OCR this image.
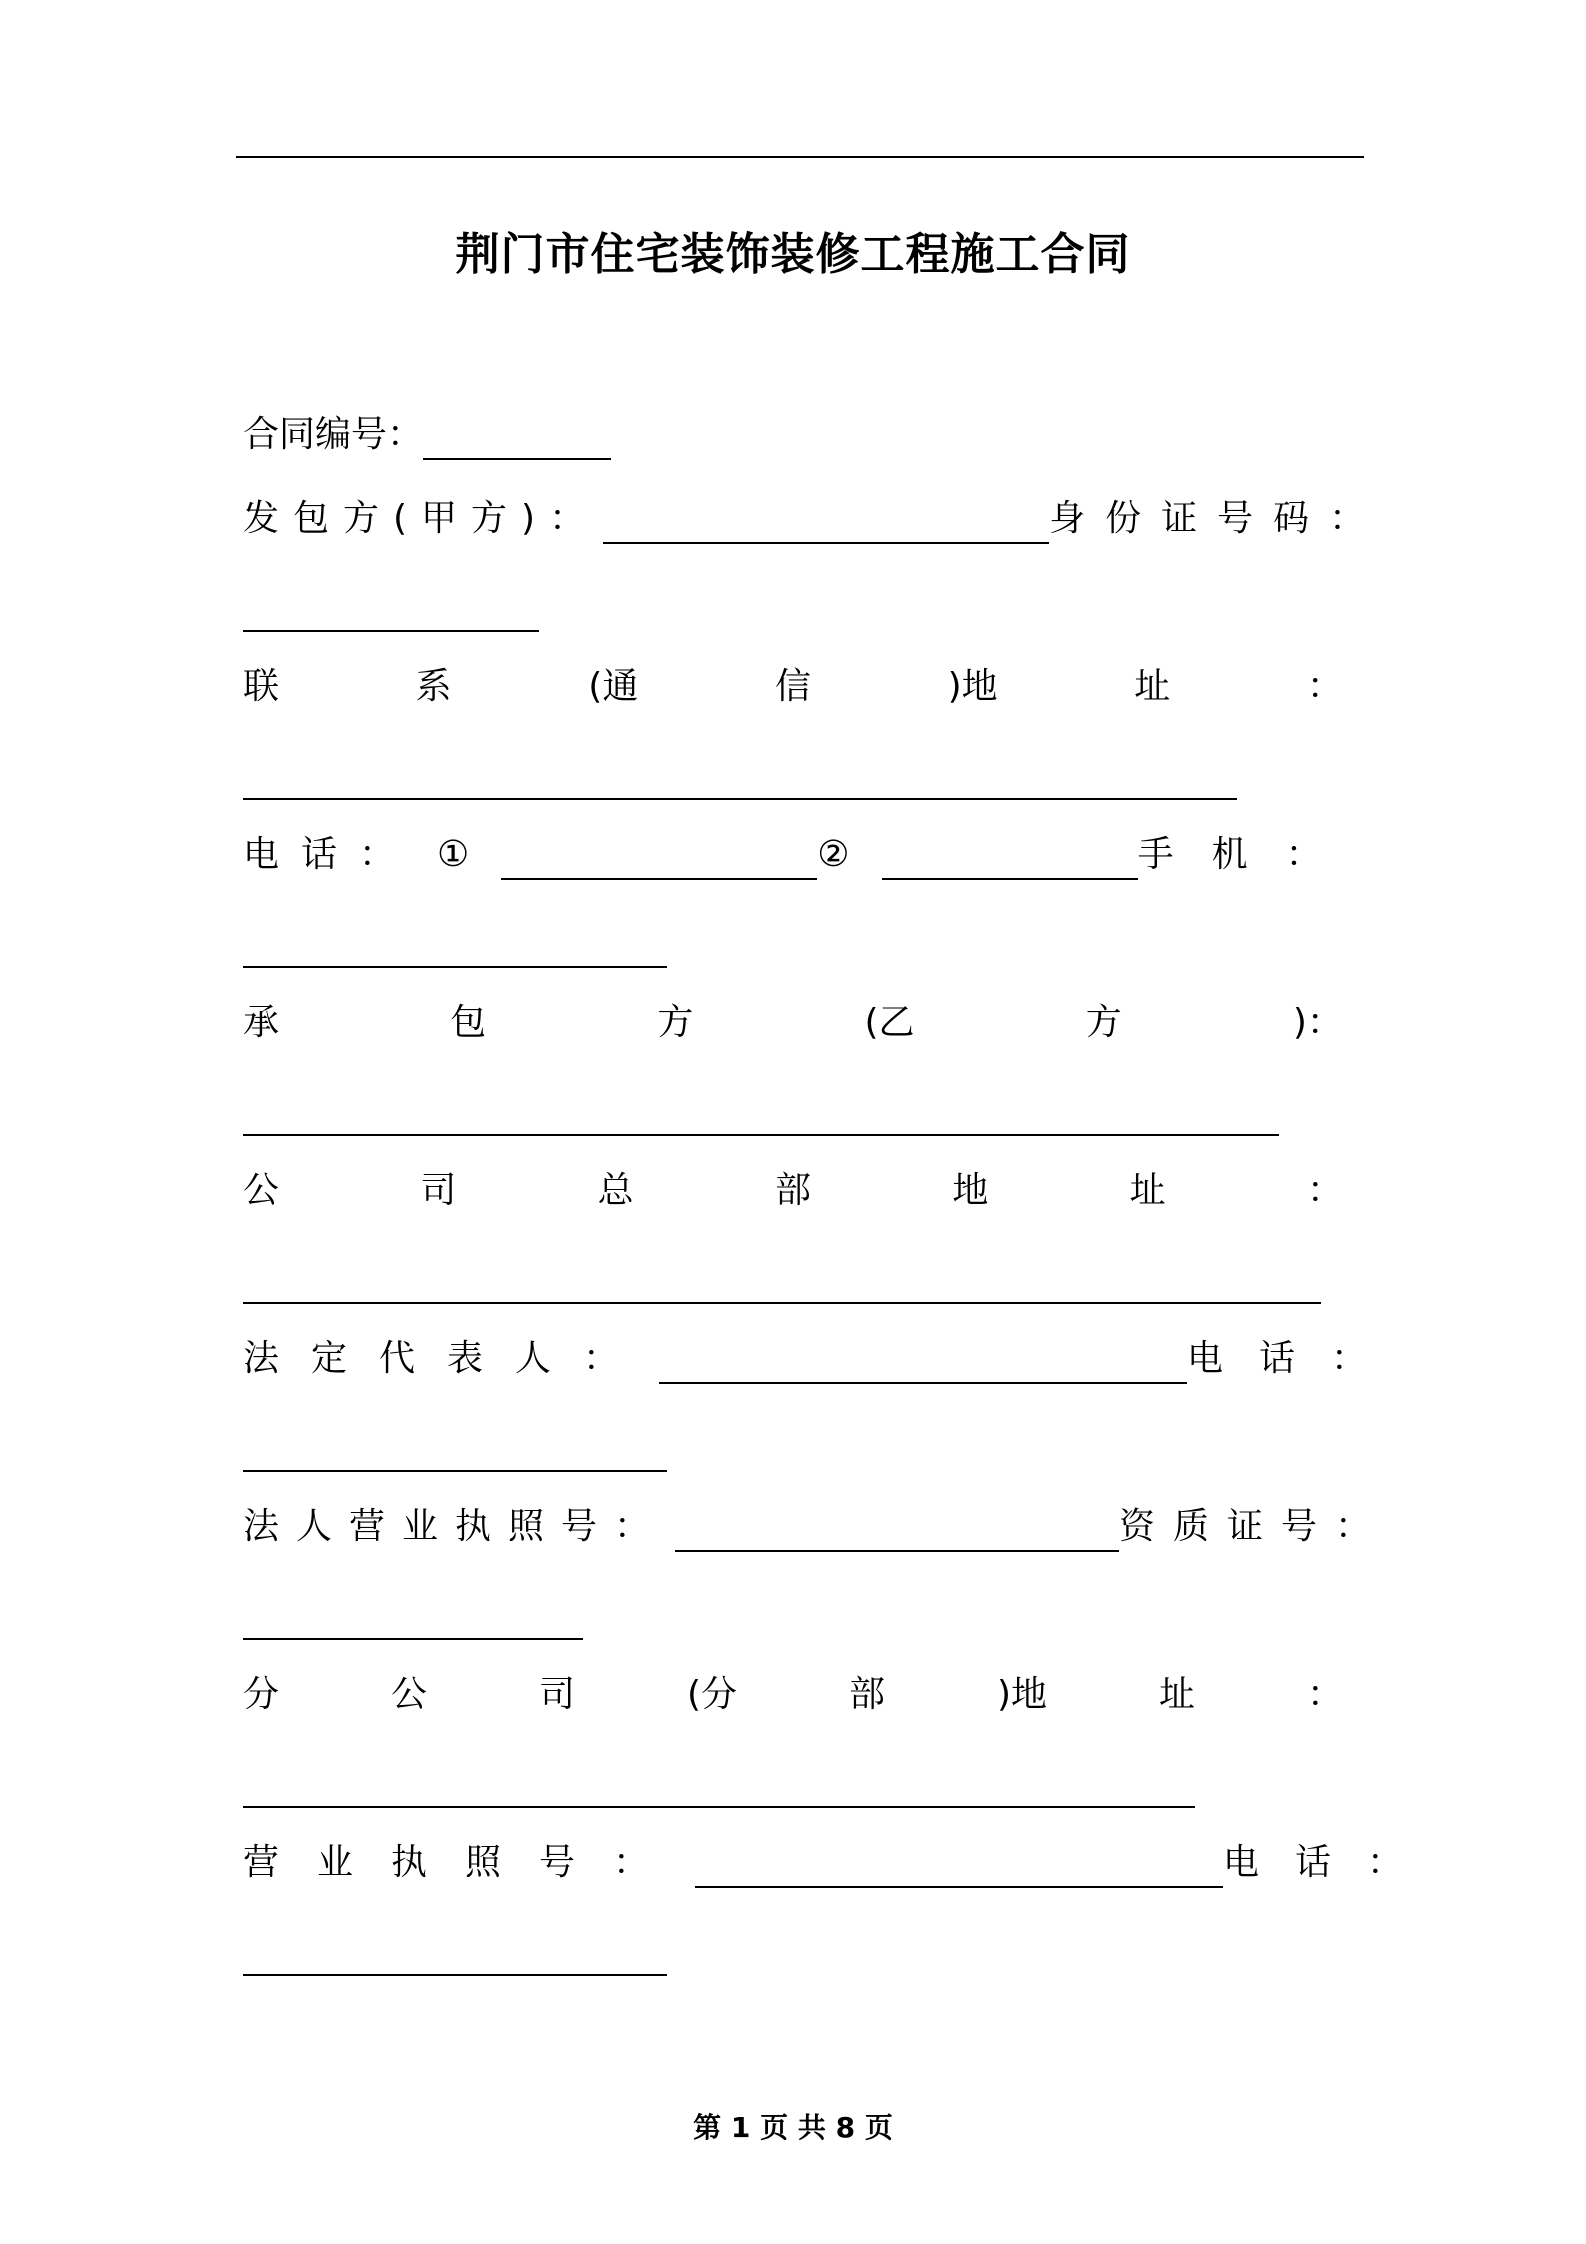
荆门市住宅装饰装修工程施工合同
合同编号：
发包方(甲方)：	身份证号码：
联	系	(通	信	)地	址	：
电话： ①	②	手机：
承	包	方	(乙	方	)：
公	司	总	部	地	址	：
法定代表人：	电话：
法人营业执照号：	资质证号：
分	公	司	(分	部	)地	址	：
营业执照号：	电话：
第 1 页 共 8 页
